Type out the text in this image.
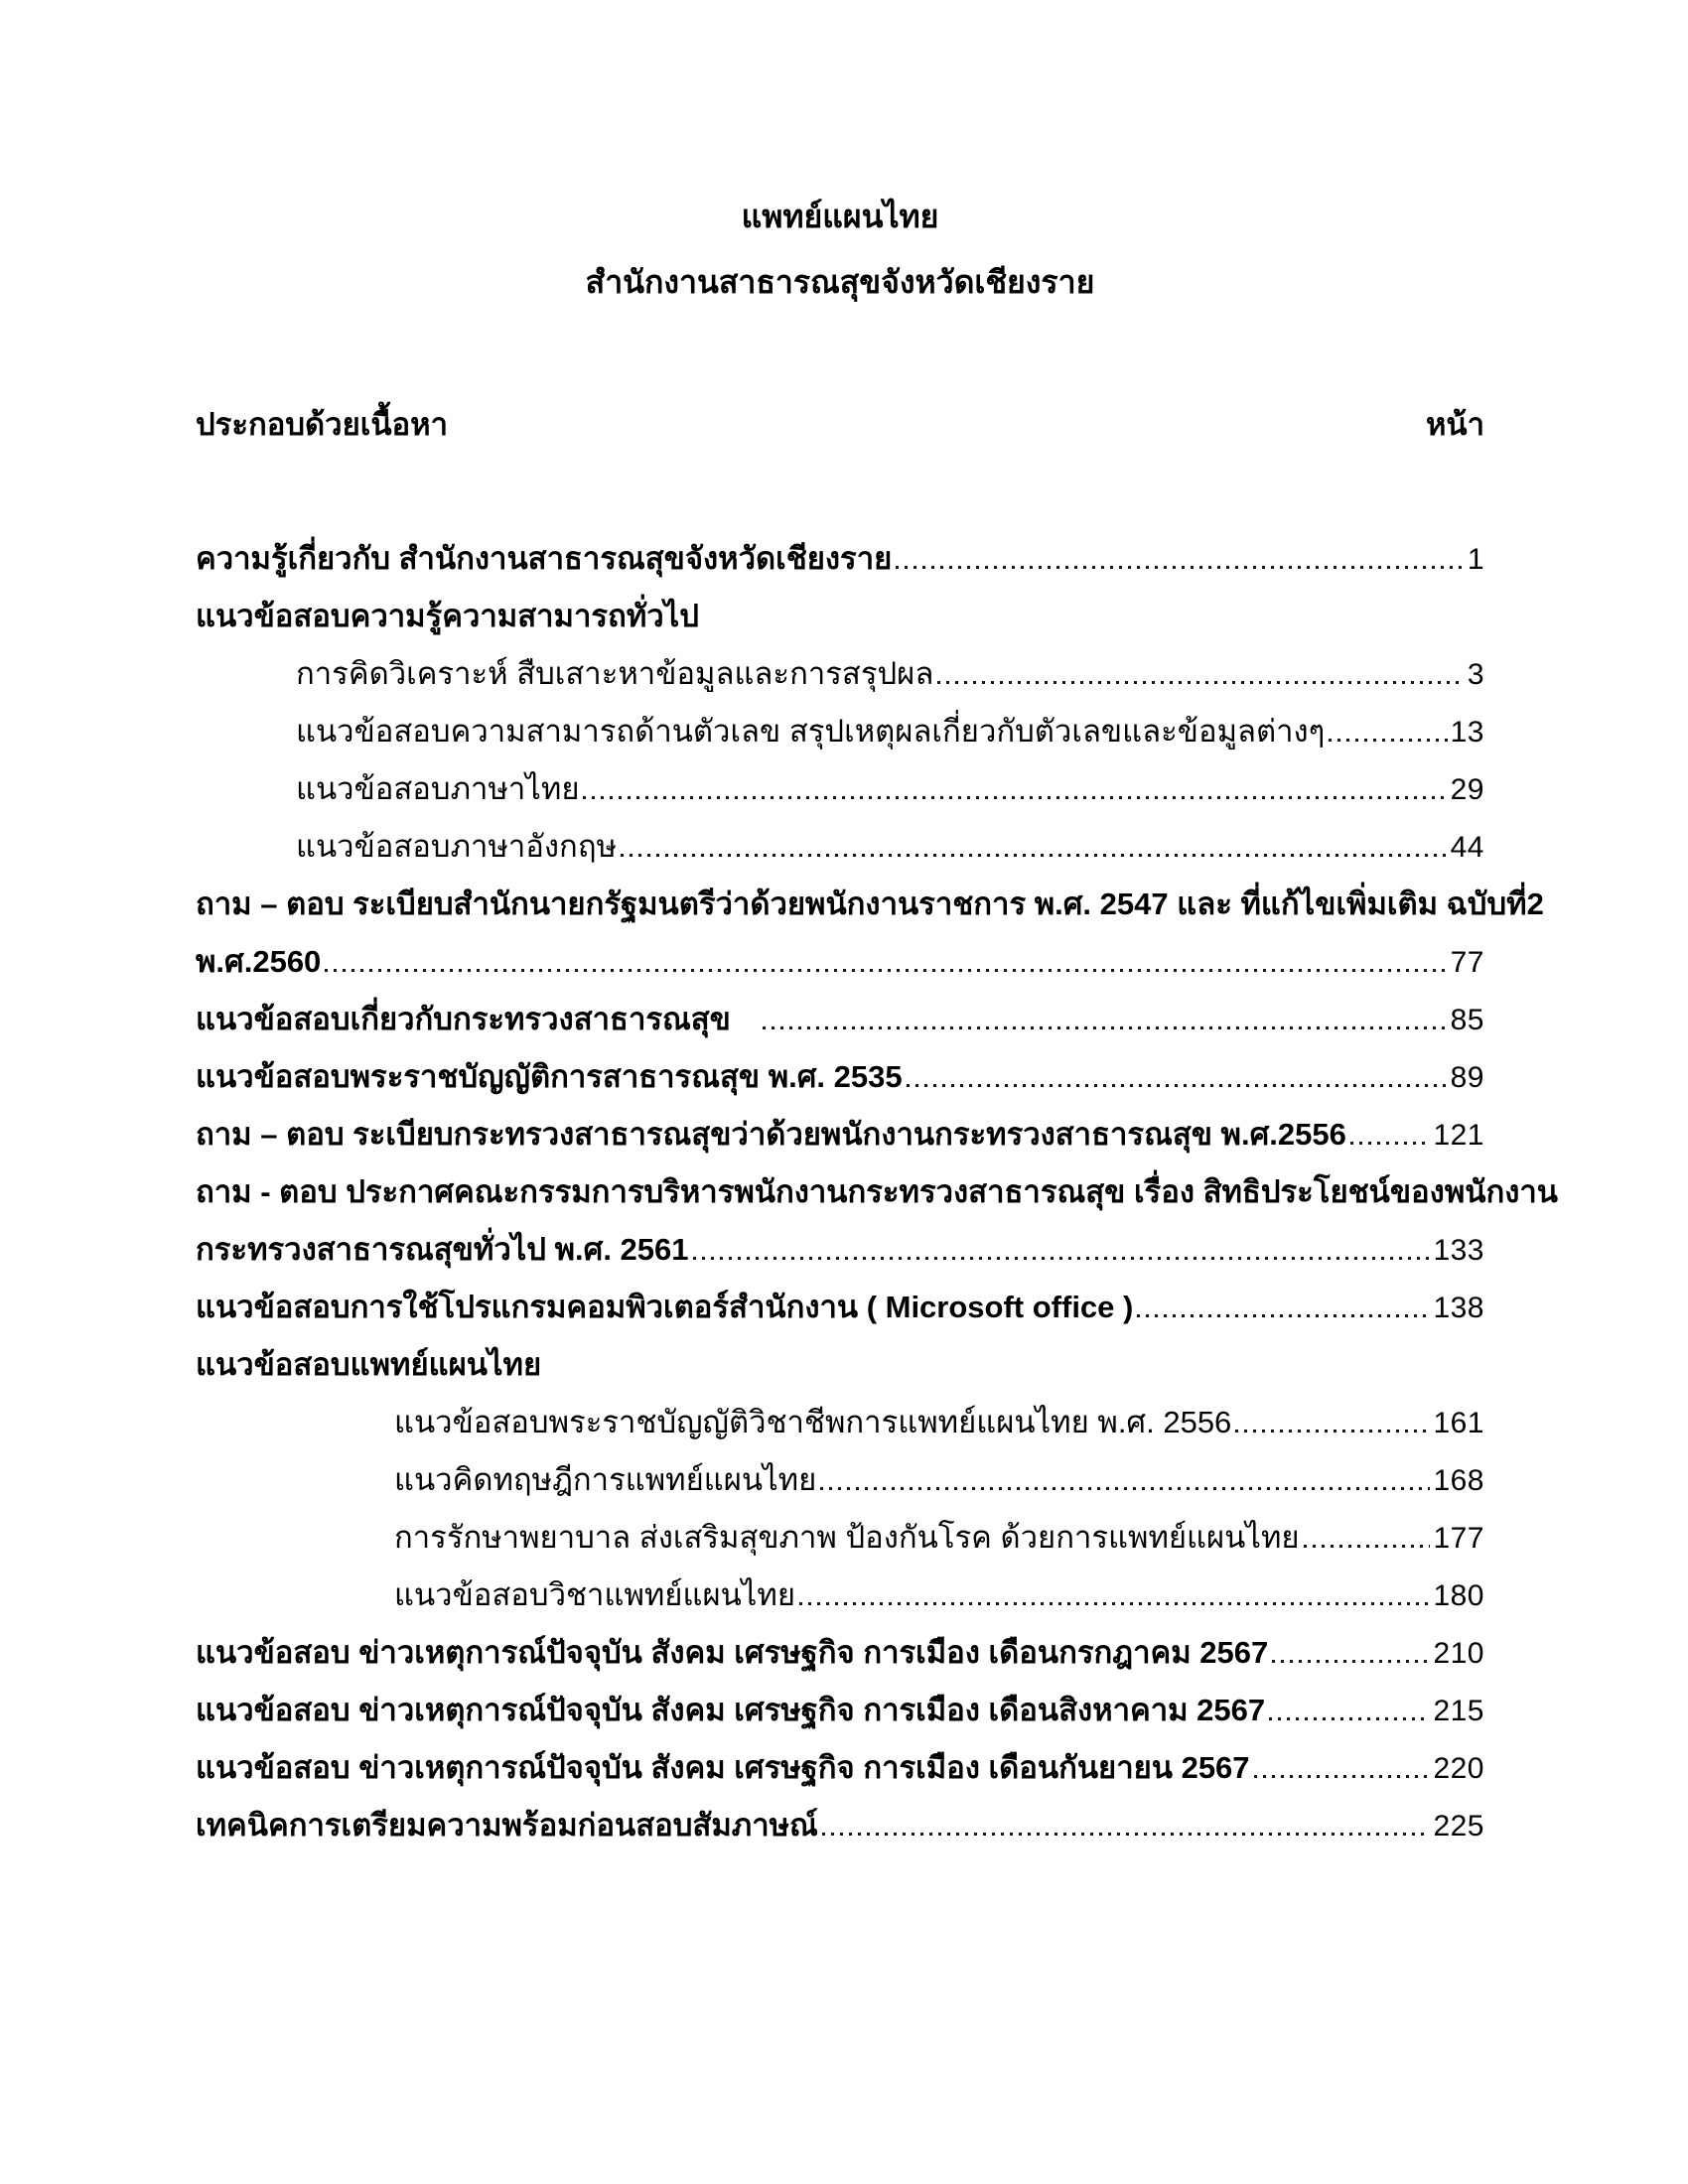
แพทย์แผนไทย
สำนักงานสาธารณสุขจังหวัดเชียงราย
ประกอบด้วยเนื้อหา	หน้า
ความรู้เกี่ยวกับ สำนักงานสาธารณสุขจังหวัดเชียงราย	1
แนวข้อสอบความรู้ความสามารถทั่วไป
การคิดวิเคราะห์ สืบเสาะหาข้อมูลและการสรุปผล	3
แนวข้อสอบความสามารถด้านตัวเลข สรุปเหตุผลเกี่ยวกับตัวเลขและข้อมูลต่างๆ	13
แนวข้อสอบภาษาไทย	29
แนวข้อสอบภาษาอังกฤษ	44
ถาม – ตอบ ระเบียบสำนักนายกรัฐมนตรีว่าด้วยพนักงานราชการ พ.ศ. 2547 และ ที่แก้ไขเพิ่มเติม ฉบับที่2
พ.ศ.2560	77
แนวข้อสอบเกี่ยวกับกระทรวงสาธารณสุข	85
แนวข้อสอบพระราชบัญญัติการสาธารณสุข พ.ศ. 2535	89
ถาม – ตอบ ระเบียบกระทรวงสาธารณสุขว่าด้วยพนักงานกระทรวงสาธารณสุข พ.ศ.2556	121
ถาม - ตอบ ประกาศคณะกรรมการบริหารพนักงานกระทรวงสาธารณสุข เรื่อง สิทธิประโยชน์ของพนักงาน
กระทรวงสาธารณสุขทั่วไป พ.ศ. 2561	133
แนวข้อสอบการใช้โปรแกรมคอมพิวเตอร์สำนักงาน ( Microsoft office )	138
แนวข้อสอบแพทย์แผนไทย
แนวข้อสอบพระราชบัญญัติวิชาชีพการแพทย์แผนไทย พ.ศ. 2556	161
แนวคิดทฤษฎีการแพทย์แผนไทย	168
การรักษาพยาบาล ส่งเสริมสุขภาพ ป้องกันโรค ด้วยการแพทย์แผนไทย	177
แนวข้อสอบวิชาแพทย์แผนไทย	180
แนวข้อสอบ ข่าวเหตุการณ์ปัจจุบัน สังคม เศรษฐกิจ การเมือง เดือนกรกฎาคม 2567	210
แนวข้อสอบ ข่าวเหตุการณ์ปัจจุบัน สังคม เศรษฐกิจ การเมือง เดือนสิงหาคาม 2567	215
แนวข้อสอบ ข่าวเหตุการณ์ปัจจุบัน สังคม เศรษฐกิจ การเมือง เดือนกันยายน 2567	220
เทคนิคการเตรียมความพร้อมก่อนสอบสัมภาษณ์	225
